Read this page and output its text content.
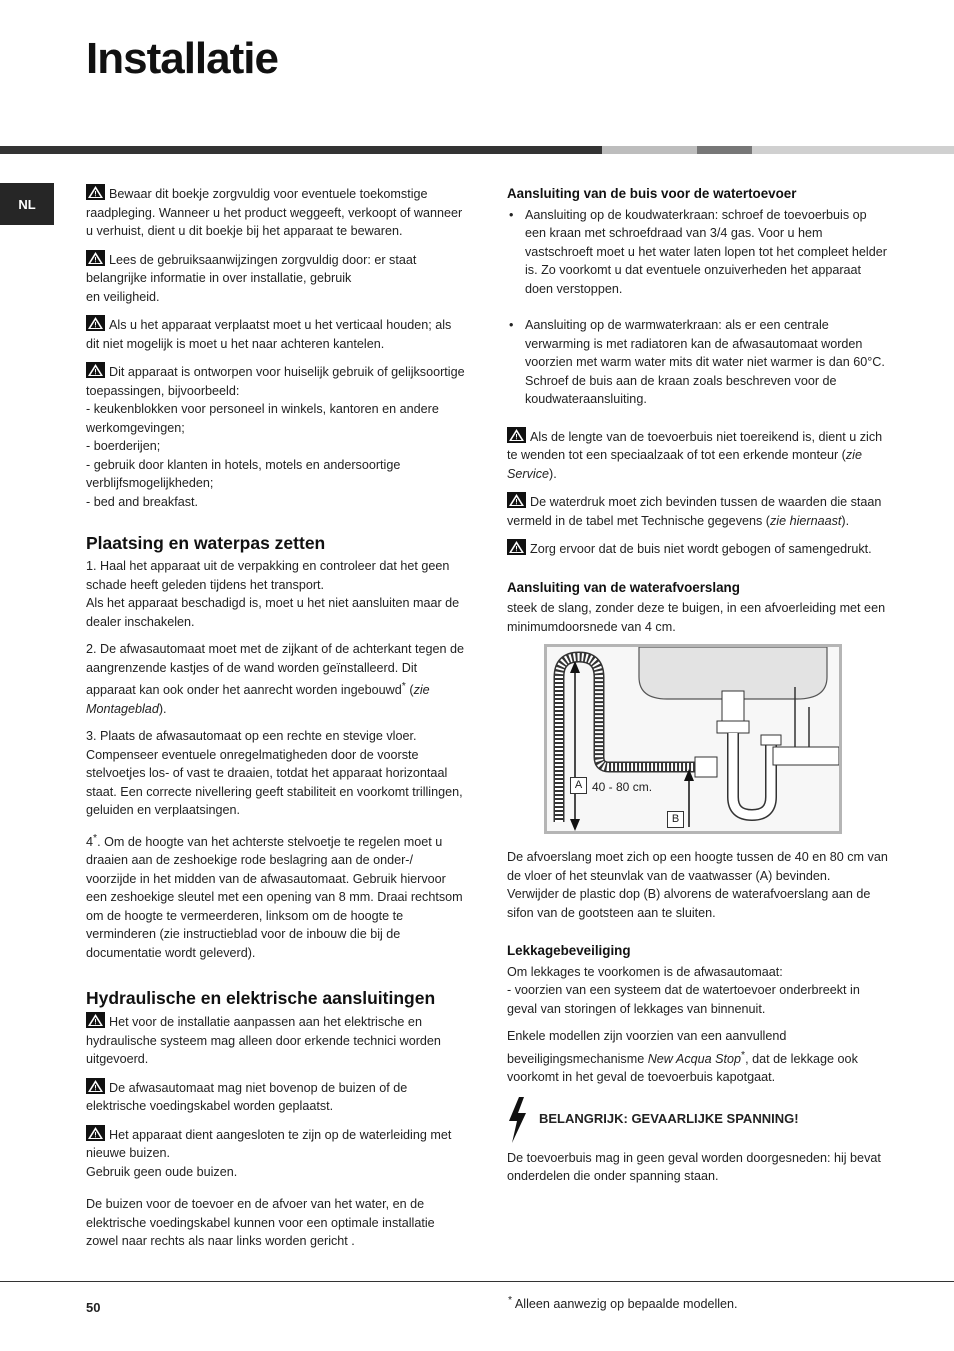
Installatie
NL

Bewaar dit boekje zorgvuldig voor eventuele toekomstige raadpleging. Wanneer u het product weggeeft, verkoopt of wanneer u verhuist, dient u dit boekje bij het apparaat te bewaren.

Lees de gebruiksaanwijzingen zorgvuldig door: er staat belangrijke informatie in over installatie, gebruik
en veiligheid.

Als u het apparaat verplaatst moet u het verticaal houden; als dit niet mogelijk is moet u het naar achteren kantelen.

Dit apparaat is ontworpen voor huiselijk gebruik of gelijksoortige toepassingen, bijvoorbeeld:
- keukenblokken voor personeel in winkels, kantoren en andere werkomgevingen;
- boerderijen;
- gebruik door klanten in hotels, motels en andersoortige verblijfsmogelijkheden;
- bed and breakfast.

Plaatsing en waterpas zetten

1. Haal het apparaat uit de verpakking en controleer dat het geen schade heeft geleden tijdens het transport.
Als het apparaat beschadigd is, moet u het niet aansluiten maar de dealer inschakelen.

2. De afwasautomaat moet met de zijkant of de achterkant tegen de aangrenzende kastjes of de wand worden geïnstalleerd. Dit apparaat kan ook onder het aanrecht worden ingebouwd* (zie Montageblad).

3. Plaats de afwasautomaat op een rechte en stevige vloer. Compenseer eventuele onregelmatigheden door de voorste stelvoetjes los- of vast te draaien, totdat het apparaat horizontaal staat. Een correcte nivellering geeft stabiliteit en voorkomt trillingen, geluiden en verplaatsingen.

4*. Om de hoogte van het achterste stelvoetje te regelen moet u draaien aan de zeshoekige rode beslagring aan de onder-/ voorzijde in het midden van de afwasautomaat. Gebruik hiervoor een zeshoekige sleutel met een opening van 8 mm. Draai rechtsom om de hoogte te vermeerderen, linksom om de hoogte te verminderen (zie instructieblad voor de inbouw die bij de documentatie wordt geleverd).

Hydraulische en elektrische aansluitingen

Het voor de installatie aanpassen aan het elektrische en hydraulische systeem mag alleen door erkende technici worden uitgevoerd.

De afwasautomaat mag niet bovenop de buizen of de elektrische voedingskabel worden geplaatst.

Het apparaat dient aangesloten te zijn op de waterleiding met nieuwe buizen.
Gebruik geen oude buizen.

De buizen voor de toevoer en de afvoer van het water, en de elektrische voedingskabel kunnen voor een optimale installatie zowel naar rechts als naar links worden gericht .

Aansluiting van de buis voor de watertoevoer
• Aansluiting op de koudwaterkraan: schroef de toevoerbuis op een kraan met schroefdraad van 3/4 gas. Voor u hem vastschroeft moet u het water laten lopen tot het compleet helder is. Zo voorkomt u dat eventuele onzuiverheden het apparaat doen verstoppen.
• Aansluiting op de warmwaterkraan: als er een centrale verwarming is met radiatoren kan de afwasautomaat worden voorzien met warm water mits dit water niet warmer is dan 60°C.
Schroef de buis aan de kraan zoals beschreven voor de koudwateraansluiting.

Als de lengte van de toevoerbuis niet toereikend is, dient u zich te wenden tot een speciaalzaak of tot een erkende monteur (zie Service).

De waterdruk moet zich bevinden tussen de waarden die staan vermeld in de tabel met Technische gegevens (zie hiernaast).

Zorg ervoor dat de buis niet wordt gebogen of samengedrukt.

Aansluiting van de waterafvoerslang

steek de slang, zonder deze te buigen, in een afvoerleiding met een minimumdoorsnede van 4 cm.

A 40 - 80 cm.
B

De afvoerslang moet zich op een hoogte tussen de 40 en 80 cm van de vloer of het steunvlak van de vaatwasser (A) bevinden.
Verwijder de plastic dop (B) alvorens de waterafvoerslang aan de sifon van de gootsteen aan te sluiten.

Lekkagebeveiliging

Om lekkages te voorkomen is de afwasautomaat:
- voorzien van een systeem dat de watertoevoer onderbreekt in geval van storingen of lekkages van binnenuit.

Enkele modellen zijn voorzien van een aanvullend beveiligingsmechanisme New Acqua Stop*, dat de lekkage ook voorkomt in het geval de toevoerbuis kapotgaat.

BELANGRIJK: GEVAARLIJKE SPANNING!

De toevoerbuis mag in geen geval worden doorgesneden: hij bevat onderdelen die onder spanning staan.

50	* Alleen aanwezig op bepaalde modellen.
